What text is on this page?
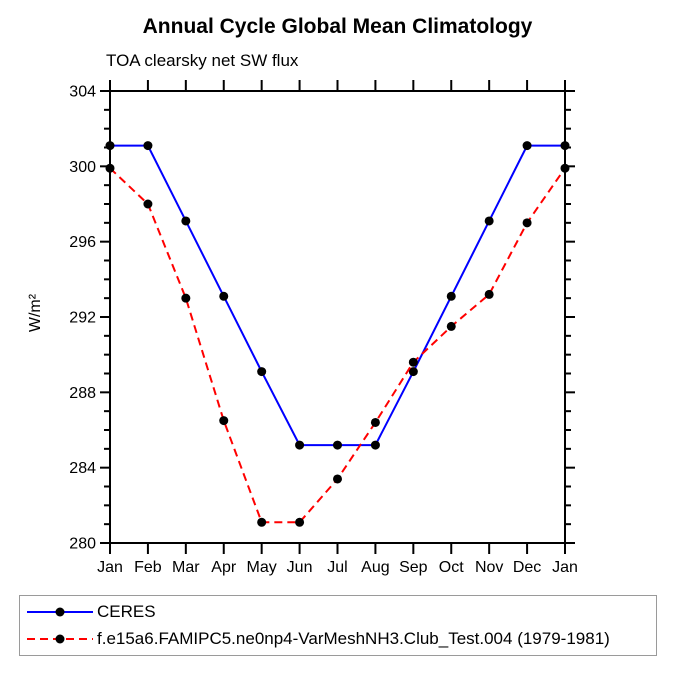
Annual Cycle Global Mean Climatology
TOA clearsky net SW flux
W/m²
Jan Feb Mar Apr May Jun Jul Aug Sep Oct Nov Dec Jan
304
300
296
292
288
284
280
CERES
f.e15a6.FAMIPC5.ne0np4-VarMeshNH3.Club_Test.004 (1979-1981)
